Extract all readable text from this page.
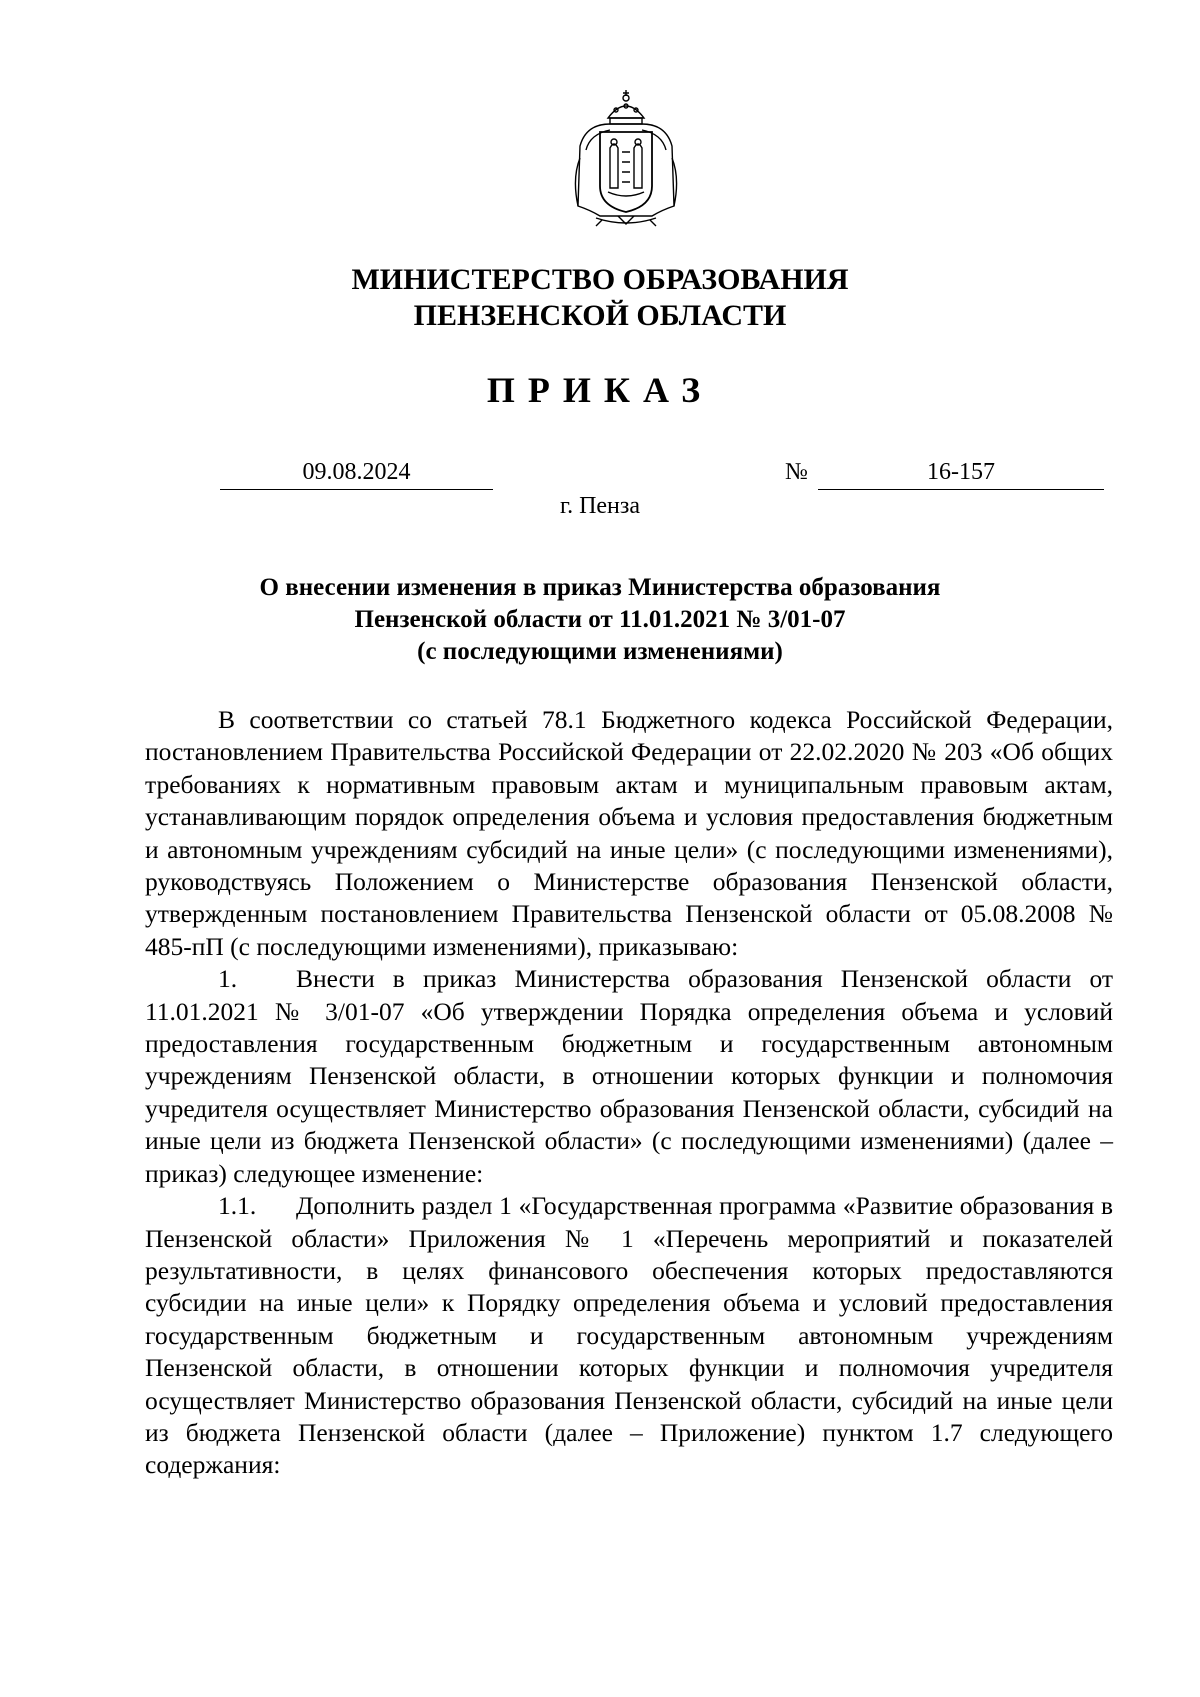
МИНИСТЕРСТВО ОБРАЗОВАНИЯ
ПЕНЗЕНСКОЙ ОБЛАСТИ
ПРИКАЗ
09.08.2024	№	16-157
г. Пенза
О внесении изменения в приказ Министерства образования
Пензенской области от 11.01.2021 № 3/01-07
(с последующими изменениями)

В соответствии со статьей 78.1 Бюджетного кодекса Российской Федерации, постановлением Правительства Российской Федерации от 22.02.2020 № 203 «Об общих требованиях к нормативным правовым актам и муниципальным правовым актам, устанавливающим порядок определения объема и условия предоставления бюджетным и автономным учреждениям субсидий на иные цели» (с последующими изменениями), руководствуясь Положением о Министерстве образования Пензенской области, утвержденным постановлением Правительства Пензенской области от 05.08.2008 № 485-пП (с последующими изменениями), приказываю:

1. Внести в приказ Министерства образования Пензенской области от 11.01.2021 № 3/01-07 «Об утверждении Порядка определения объема и условий предоставления государственным бюджетным и государственным автономным учреждениям Пензенской области, в отношении которых функции и полномочия учредителя осуществляет Министерство образования Пензенской области, субсидий на иные цели из бюджета Пензенской области» (с последующими изменениями) (далее – приказ) следующее изменение:

1.1. Дополнить раздел 1 «Государственная программа «Развитие образования в Пензенской области» Приложения № 1 «Перечень мероприятий и показателей результативности, в целях финансового обеспечения которых предоставляются субсидии на иные цели» к Порядку определения объема и условий предоставления государственным бюджетным и государственным автономным учреждениям Пензенской области, в отношении которых функции и полномочия учредителя осуществляет Министерство образования Пензенской области, субсидий на иные цели из бюджета Пензенской области (далее – Приложение) пунктом 1.7 следующего содержания:
